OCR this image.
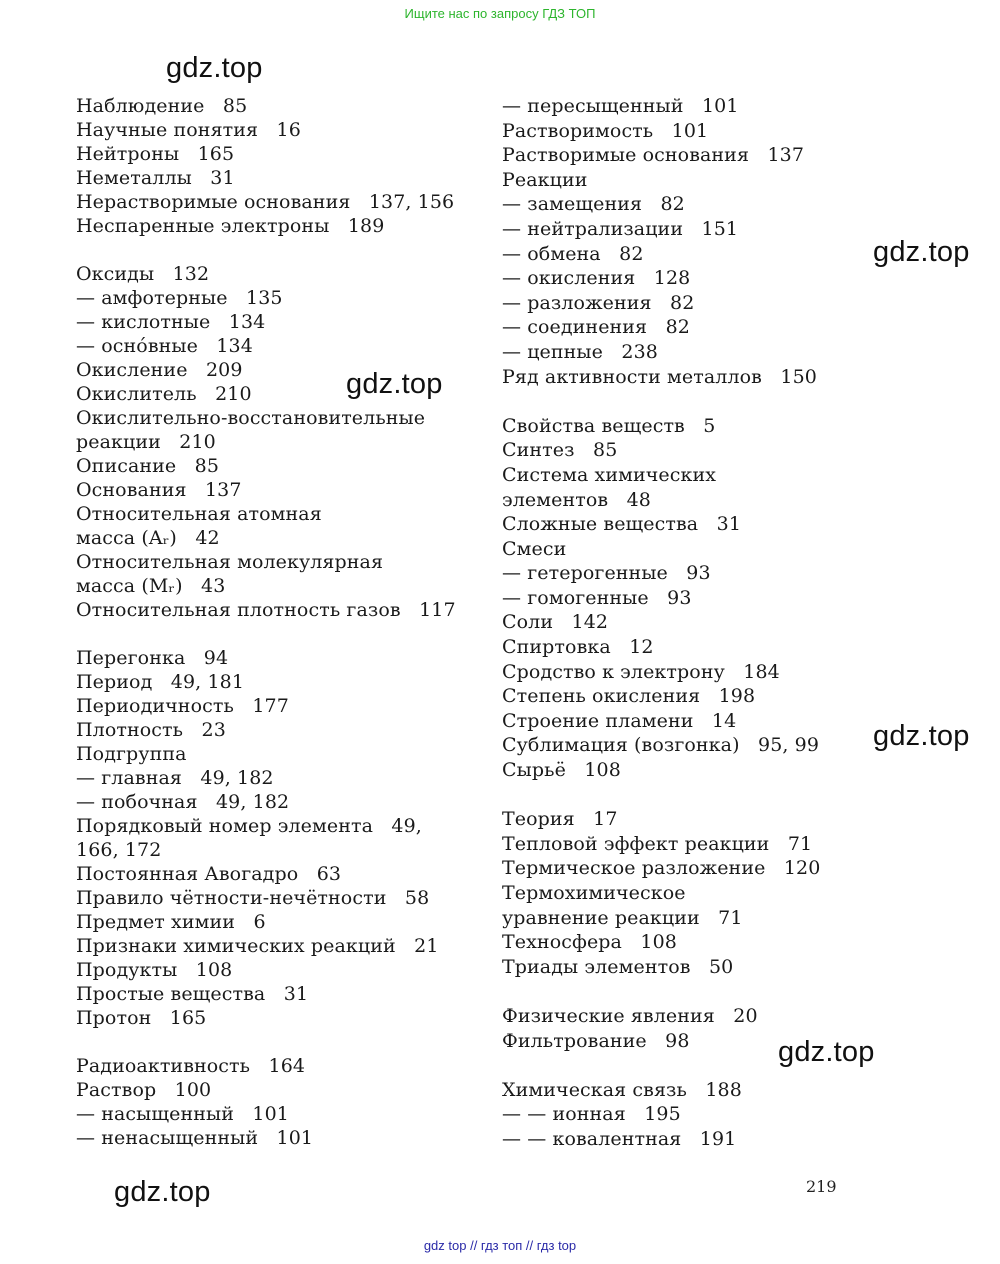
Ищите нас по запросу ГДЗ ТОП
Наблюдение   85
Научные понятия   16
Нейтроны   165
Неметаллы   31
Нерастворимые основания   137, 156
Неспаренные электроны   189
Оксиды   132
— амфотерные   135
— кислотные   134
— осно́вные   134
Окисление   209
Окислитель   210
Окислительно-восстановительные
реакции   210
Описание   85
Основания   137
Относительная атомная
масса (Aᵣ)   42
Относительная молекулярная
масса (Mᵣ)   43
Относительная плотность газов   117
Перегонка   94
Период   49, 181
Периодичность   177
Плотность   23
Подгруппа
— главная   49, 182
— побочная   49, 182
Порядковый номер элемента   49,
166, 172
Постоянная Авогадро   63
Правило чётности-нечётности   58
Предмет химии   6
Признаки химических реакций   21
Продукты   108
Простые вещества   31
Протон   165
Радиоактивность   164
Раствор   100
— насыщенный   101
— ненасыщенный   101
— пересыщенный   101
Растворимость   101
Растворимые основания   137
Реакции
— замещения   82
— нейтрализации   151
— обмена   82
— окисления   128
— разложения   82
— соединения   82
— цепные   238
Ряд активности металлов   150
Свойства веществ   5
Синтез   85
Система химических
элементов   48
Сложные вещества   31
Смеси
— гетерогенные   93
— гомогенные   93
Соли   142
Спиртовка   12
Сродство к электрону   184
Степень окисления   198
Строение пламени   14
Сублимация (возгонка)   95, 99
Сырьё   108
Теория   17
Тепловой эффект реакции   71
Термическое разложение   120
Термохимическое
уравнение реакции   71
Техносфера   108
Триады элементов   50
Физические явления   20
Фильтрование   98
Химическая связь   188
— — ионная   195
— — ковалентная   191
gdz.top
gdz.top
gdz.top
gdz.top
gdz.top
gdz.top	219
gdz top // гдз топ // гдз top
